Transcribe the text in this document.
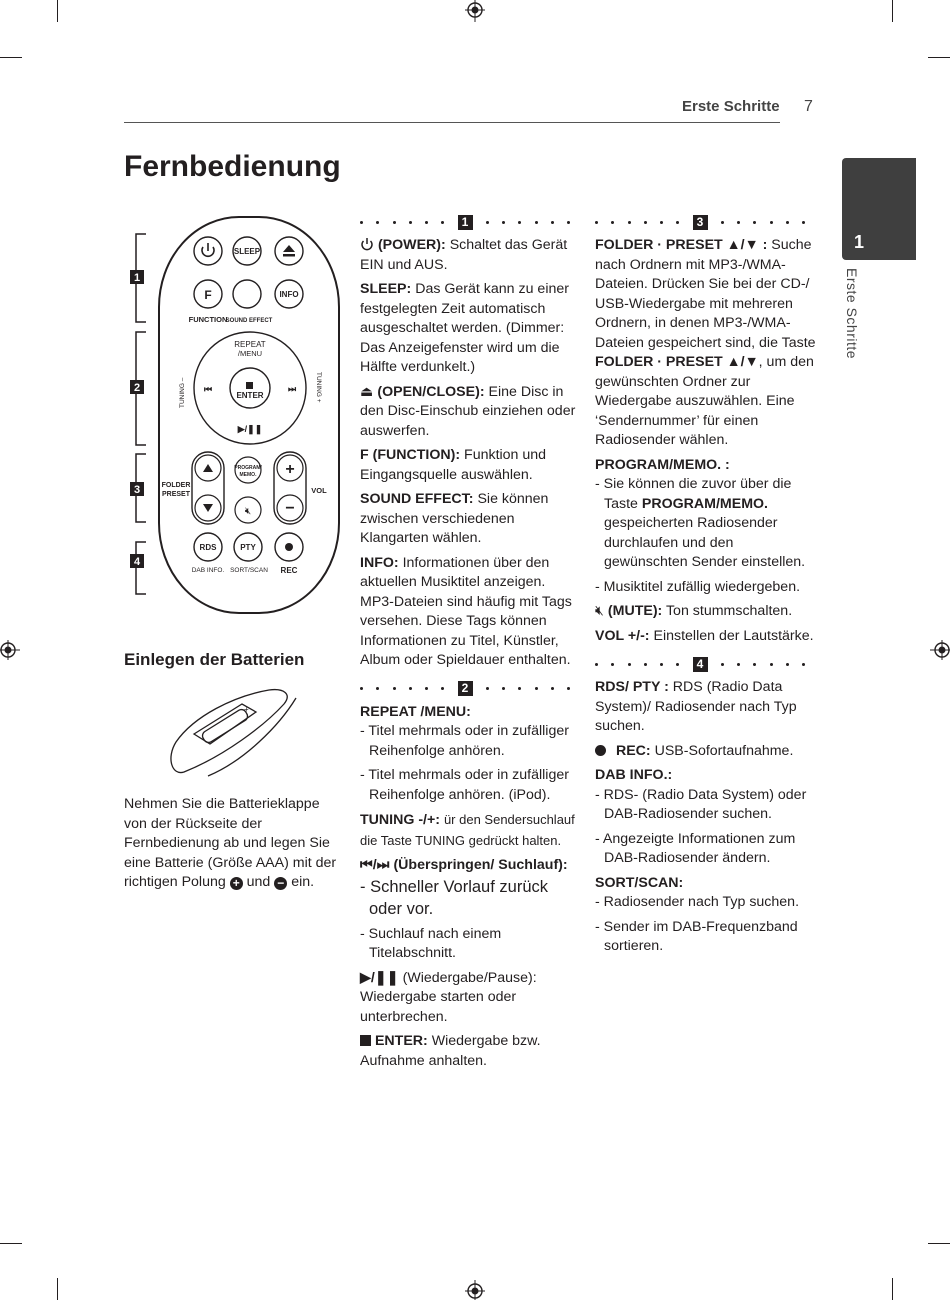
Erste Schritte 7
Fernbedienung
1
Erste Schritte
1
2
3
4
SLEEP
F	INFO
FUNCTION
SOUND EFFECT
REPEAT
/MENU
ENTER
⏮	⏭
▶/❚❚
TUNING –	TUNING +
FOLDER
PRESET
PROGRAM/
MEMO.
🔇︎
+
−
VOL
RDS	PTY
DAB INFO. SORT/SCAN REC
Einlegen der Batterien
+
Nehmen Sie die Batterieklappe von der Rückseite der Fernbedienung ab und legen Sie eine Batterie (Größe AAA) mit der richtigen Polung + und − ein.
1

(POWER): Schaltet das Gerät EIN und AUS.

SLEEP: Das Gerät kann zu einer festgelegten Zeit automatisch ausgeschaltet werden. (Dimmer: Das Anzeigefenster wird um die Hälfte verdunkelt.)

⏏ (OPEN/CLOSE): Eine Disc in den Disc-Einschub einziehen oder auswerfen.

F (FUNCTION): Funktion und Eingangsquelle auswählen.

SOUND EFFECT: Sie können zwischen verschiedenen Klangarten wählen.

INFO: Informationen über den aktuellen Musiktitel anzeigen. MP3-Dateien sind häufig mit Tags versehen. Diese Tags können Informationen zu Titel, Künstler, Album oder Spieldauer enthalten.

2

REPEAT /MENU:

- Titel mehrmals oder in zufälliger Reihenfolge anhören.

- Titel mehrmals oder in zufälliger Reihenfolge anhören. (iPod).

TUNING -/+: ür den Sendersuchlauf die Taste TUNING gedrückt halten.

⏮/⏭ (Überspringen/ Suchlauf):

- Schneller Vorlauf zurück oder vor.

- Suchlauf nach einem Titelabschnitt.

▶/❚❚ (Wiedergabe/Pause): Wiedergabe starten oder unterbrechen.

ENTER: Wiedergabe bzw. Aufnahme anhalten.

3

FOLDER · PRESET ▲/▼ : Suche nach Ordnern mit MP3-/WMA-Dateien. Drücken Sie bei der CD-/ USB-Wiedergabe mit mehreren Ordnern, in denen MP3-/WMA-Dateien gespeichert sind, die Taste FOLDER · PRESET ▲/▼, um den gewünschten Ordner zur Wiedergabe auszuwählen. Eine ‘Sendernummer’ für einen Radiosender wählen.

PROGRAM/MEMO. :

- Sie können die zuvor über die Taste PROGRAM/MEMO. gespeicherten Radiosender durchlaufen und den gewünschten Sender einstellen.

- Musiktitel zufällig wiedergeben.

🔇︎ (MUTE): Ton stummschalten.

VOL +/-: Einstellen der Lautstärke.

4

RDS/ PTY : RDS (Radio Data System)/ Radiosender nach Typ suchen.

REC: USB-Sofortaufnahme.

DAB INFO.:

- RDS- (Radio Data System) oder DAB-Radiosender suchen.

- Angezeigte Informationen zum DAB-Radiosender ändern.

SORT/SCAN:

- Radiosender nach Typ suchen.

- Sender im DAB-Frequenzband sortieren.
